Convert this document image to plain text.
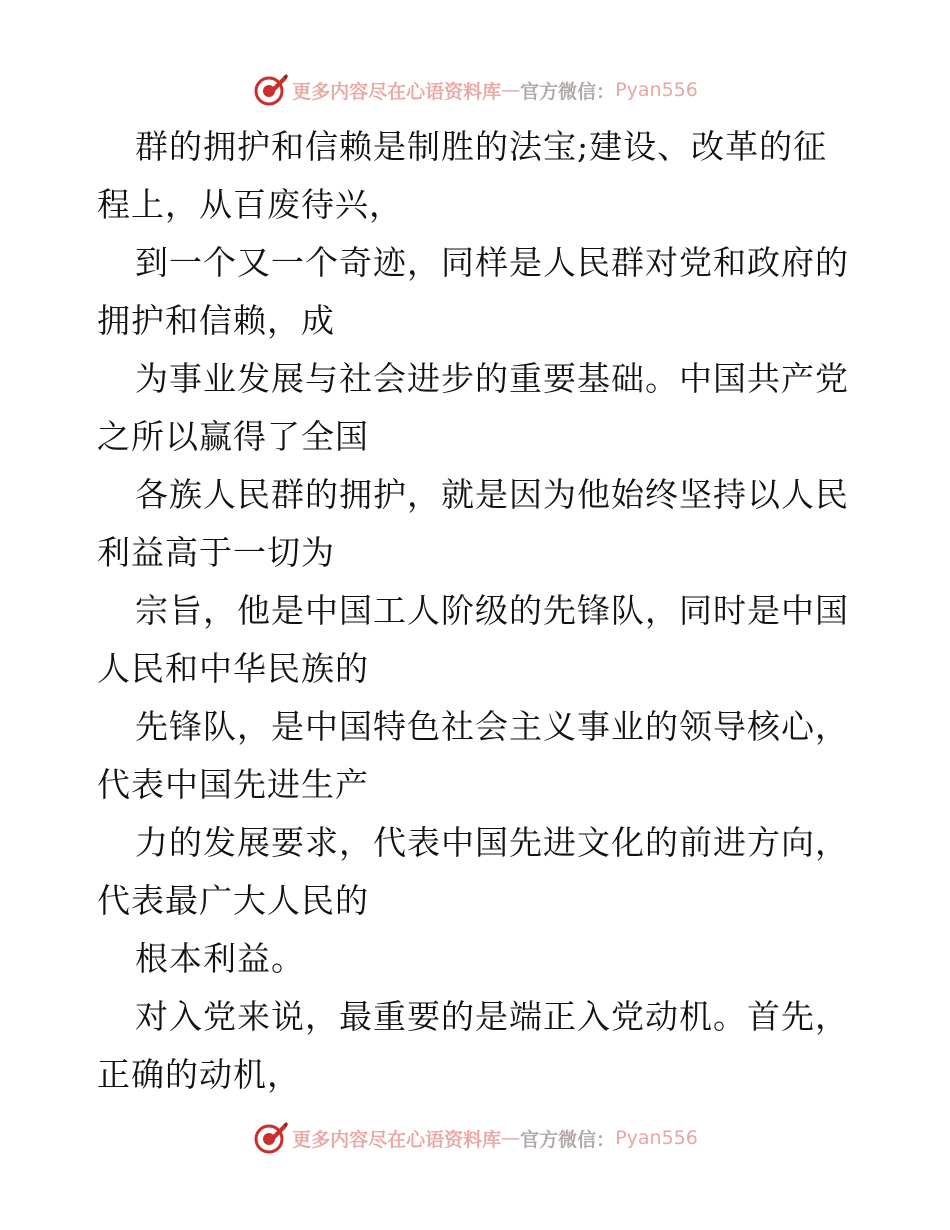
更多内容尽在心语资料库 — 官方微信： Pyan556
群的拥护和信赖是制胜的法宝;建设、改革的征
程上，从百废待兴，
到一个又一个奇迹，同样是人民群对党和政府的
拥护和信赖，成
为事业发展与社会进步的重要基础。中国共产党
之所以赢得了全国
各族人民群的拥护，就是因为他始终坚持以人民
利益高于一切为
宗旨，他是中国工人阶级的先锋队，同时是中国
人民和中华民族的
先锋队，是中国特色社会主义事业的领导核心，
代表中国先进生产
力的发展要求，代表中国先进文化的前进方向，
代表最广大人民的
根本利益。
对入党来说，最重要的是端正入党动机。首先，
正确的动机，
更多内容尽在心语资料库 — 官方微信： Pyan556
